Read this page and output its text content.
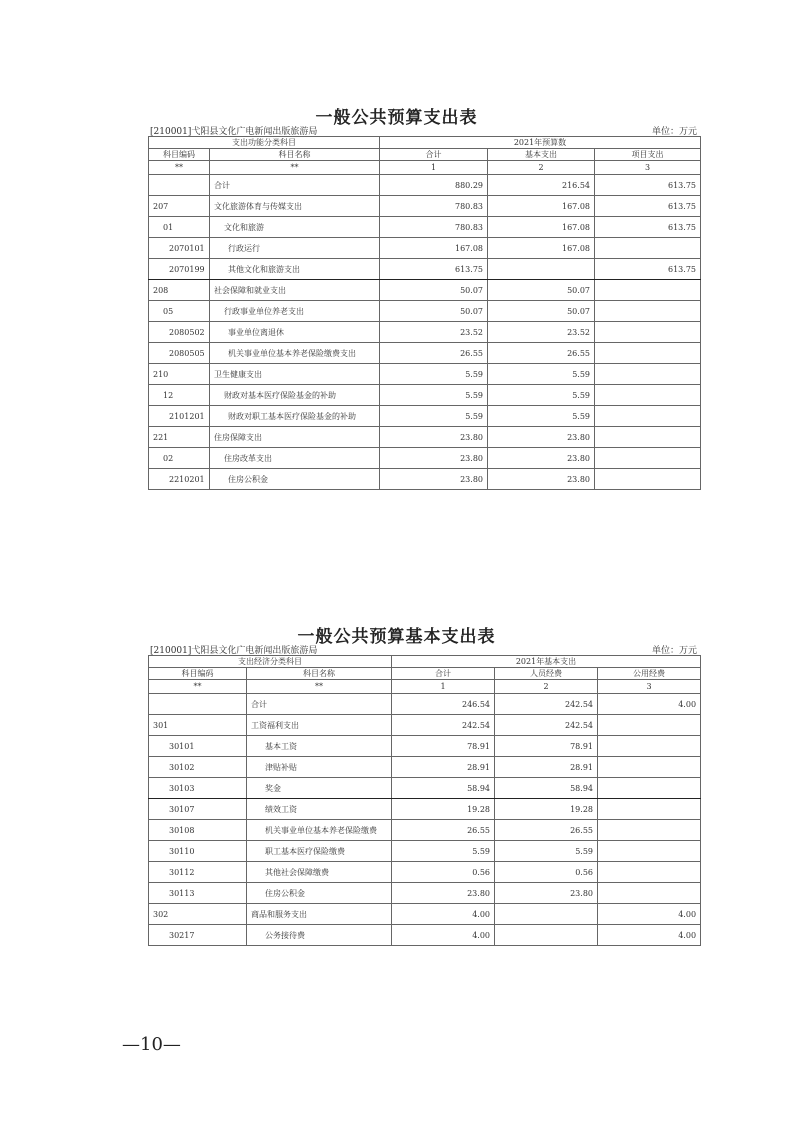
一般公共预算支出表
[210001]弋阳县文化广电新闻出版旅游局	单位：万元
支出功能分类科目		2021年预算数		
科目编码	科目名称	合计	基本支出	项目支出
**	**	1	2	3
	合计	880.29	216.54	613.75
207	文化旅游体育与传媒支出	780.83	167.08	613.75
01	文化和旅游	780.83	167.08	613.75
2070101	行政运行	167.08	167.08	
2070199	其他文化和旅游支出	613.75		613.75
208	社会保障和就业支出	50.07	50.07	
05	行政事业单位养老支出	50.07	50.07	
2080502	事业单位离退休	23.52	23.52	
2080505	机关事业单位基本养老保险缴费支出	26.55	26.55	
210	卫生健康支出	5.59	5.59	
12	财政对基本医疗保险基金的补助	5.59	5.59	
2101201	财政对职工基本医疗保险基金的补助	5.59	5.59	
221	住房保障支出	23.80	23.80	
02	住房改革支出	23.80	23.80	
2210201	住房公积金	23.80	23.80	
一般公共预算基本支出表
[210001]弋阳县文化广电新闻出版旅游局	单位：万元
支出经济分类科目		2021年基本支出		
科目编码	科目名称	合计	人员经费	公用经费
**	**	1	2	3
	合计	246.54	242.54	4.00
301	工资福利支出	242.54	242.54	
30101	基本工资	78.91	78.91	
30102	津贴补贴	28.91	28.91	
30103	奖金	58.94	58.94	
30107	绩效工资	19.28	19.28	
30108	机关事业单位基本养老保险缴费	26.55	26.55	
30110	职工基本医疗保险缴费	5.59	5.59	
30112	其他社会保障缴费	0.56	0.56	
30113	住房公积金	23.80	23.80	
302	商品和服务支出	4.00		4.00
30217	公务接待费	4.00		4.00
—10—
